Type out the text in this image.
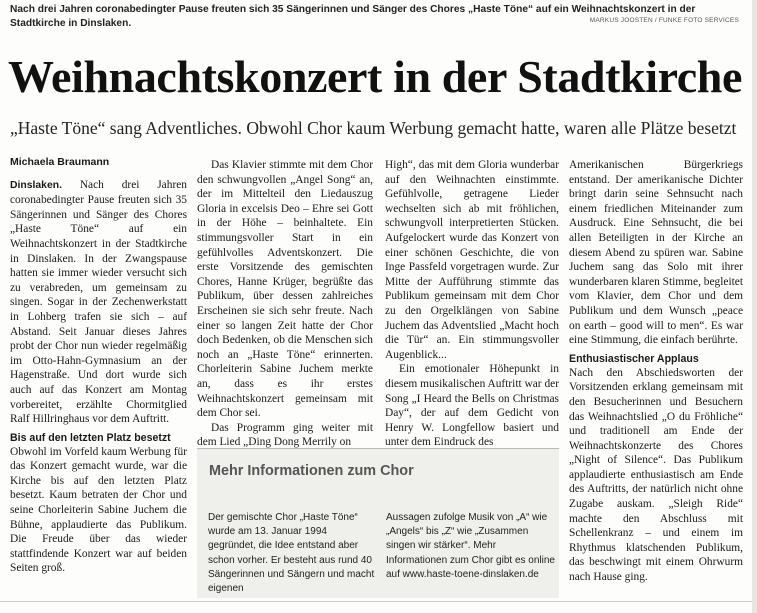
Nach drei Jahren coronabedingter Pause freuten sich 35 Sängerinnen und Sänger des Chores „Haste Töne“ auf ein Weihnachtskonzert in der Stadtkirche in Dinslaken.	MARKUS JOOSTEN / FUNKE FOTO SERVICES
Weihnachtskonzert in der Stadtkirche
„Haste Töne“ sang Adventliches. Obwohl Chor kaum Werbung gemacht hatte, waren alle Plätze besetzt
Michaela Braumann

Dinslaken. Nach drei Jahren coronabedingter Pause freuten sich 35 Sängerinnen und Sänger des Chores „Haste Töne“ auf ein Weihnachtskonzert in der Stadtkirche in Dinslaken. In der Zwangspause hatten sie immer wieder versucht sich zu verabreden, um gemeinsam zu singen. Sogar in der Zechenwerkstatt in Lohberg trafen sie sich – auf Abstand. Seit Januar dieses Jahres probt der Chor nun wieder regelmäßig im Otto-Hahn-Gymnasium an der Hagenstraße. Und dort wurde sich auch auf das Konzert am Montag vorbereitet, erzählte Chormitglied Ralf Hillringhaus vor dem Auftritt.

Bis auf den letzten Platz besetzt

Obwohl im Vorfeld kaum Werbung für das Konzert gemacht wurde, war die Kirche bis auf den letzten Platz besetzt. Kaum betraten der Chor und seine Chorleiterin Sabine Juchem die Bühne, applaudierte das Publikum. Die Freude über das wieder stattfindende Konzert war auf beiden Seiten groß.

Das Klavier stimmte mit dem Chor den schwungvollen „Angel Song“ an, der im Mittelteil den Liedauszug Gloria in excelsis Deo – Ehre sei Gott in der Höhe – beinhaltete. Ein stimmungsvoller Start in ein gefühlvolles Adventskonzert. Die erste Vorsitzende des gemischten Chores, Hanne Krüger, begrüßte das Publikum, über dessen zahlreiches Erscheinen sie sich sehr freute. Nach einer so langen Zeit hatte der Chor doch Bedenken, ob die Menschen sich noch an „Haste Töne“ erinnerten. Chorleiterin Sabine Juchem merkte an, dass es ihr erstes Weihnachtskonzert gemeinsam mit dem Chor sei.

Das Programm ging weiter mit dem Lied „Ding Dong Merrily on

High“, das mit dem Gloria wunderbar auf den Weihnachten einstimmte. Gefühlvolle, getragene Lieder wechselten sich ab mit fröhlichen, schwungvoll interpretierten Stücken. Aufgelockert wurde das Konzert von einer schönen Geschichte, die von Inge Passfeld vorgetragen wurde. Zur Mitte der Aufführung stimmte das Publikum gemeinsam mit dem Chor zu den Orgelklängen von Sabine Juchem das Adventslied „Macht hoch die Tür“ an. Ein stimmungsvoller Augenblick...

Ein emotionaler Höhepunkt in diesem musikalischen Auftritt war der Song „I Heard the Bells on Christmas Day“, der auf dem Gedicht von Henry W. Longfellow basiert und unter dem Eindruck des

Amerikanischen Bürgerkriegs entstand. Der amerikanische Dichter bringt darin seine Sehnsucht nach einem friedlichen Miteinander zum Ausdruck. Eine Sehnsucht, die bei allen Beteiligten in der Kirche an diesem Abend zu spüren war. Sabine Juchem sang das Solo mit ihrer wunderbaren klaren Stimme, begleitet vom Klavier, dem Chor und dem Publikum und dem Wunsch „peace on earth – good will to men“. Es war eine Stimmung, die einfach berührte.

Enthusiastischer Applaus

Nach den Abschiedsworten der Vorsitzenden erklang gemeinsam mit den Besucherinnen und Besuchern das Weihnachtslied „O du Fröhliche“ und traditionell am Ende der Weihnachtskonzerte des Chores „Night of Silence“. Das Publikum applaudierte enthusiastisch am Ende des Auftritts, der natürlich nicht ohne Zugabe auskam. „Sleigh Ride“ machte den Abschluss mit Schellenkranz – und einem im Rhythmus klatschenden Publikum, das beschwingt mit einem Ohrwurm nach Hause ging.

Mehr Informationen zum Chor
Der gemischte Chor „Haste Töne“ wurde am 13. Januar 1994 gegründet, die Idee entstand aber schon vorher. Er besteht aus rund 40 Sängerinnen und Sängern und macht eigenen
Aussagen zufolge Musik von „A“ wie „Angels“ bis „Z“ wie „Zusammen singen wir stärker“. Mehr Informationen zum Chor gibt es online auf www.haste-toene-dinslaken.de
